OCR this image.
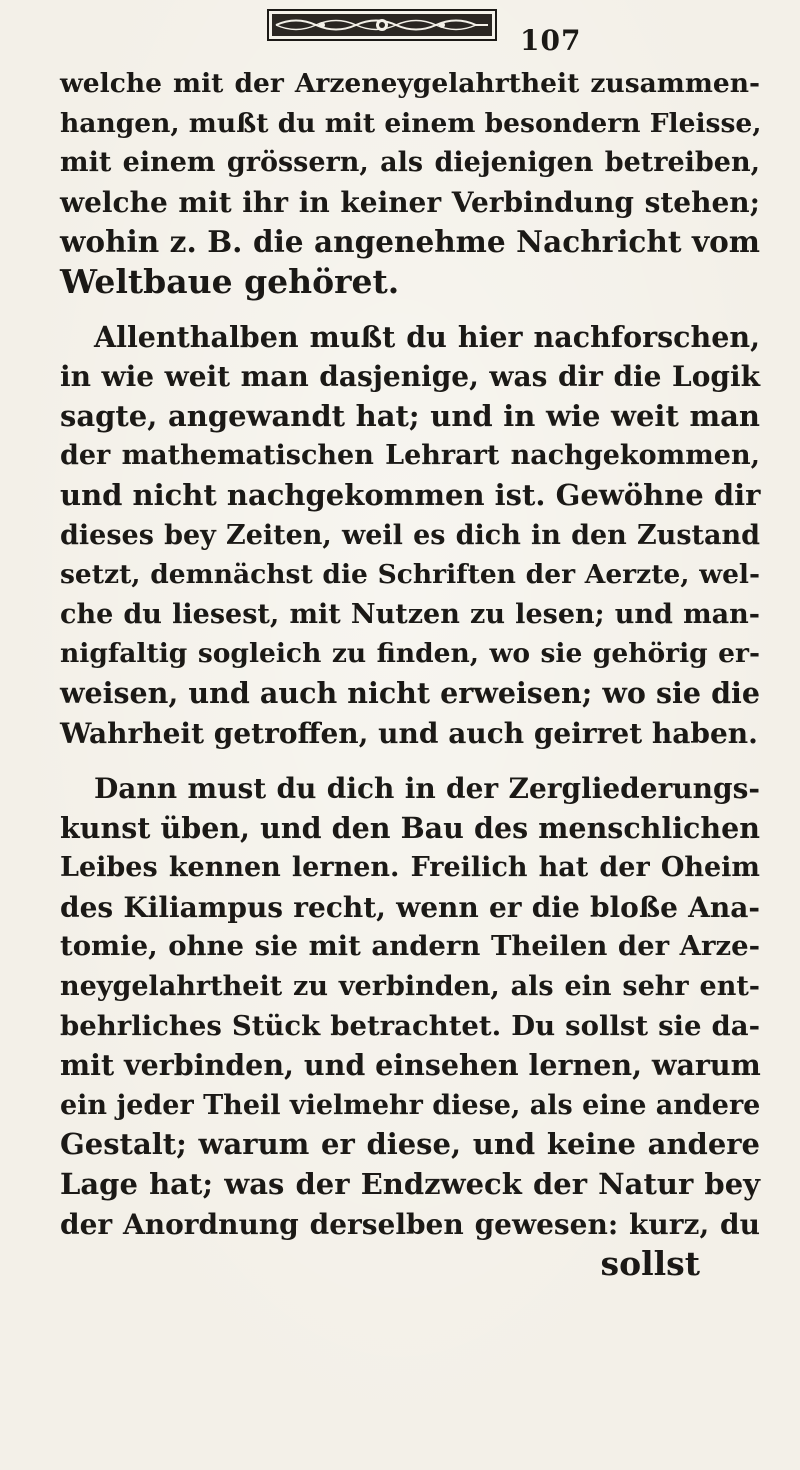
107

welche mit der Arzeneygelahrtheit zusammen-
hangen, mußt du mit einem besondern Fleisse,
mit einem grössern, als diejenigen betreiben,
welche mit ihr in keiner Verbindung stehen;
wohin z. B. die angenehme Nachricht vom
Weltbaue gehöret.

Allenthalben mußt du hier nachforschen,
in wie weit man dasjenige, was dir die Logik
sagte, angewandt hat; und in wie weit man
der mathematischen Lehrart nachgekommen,
und nicht nachgekommen ist. Gewöhne dir
dieses bey Zeiten, weil es dich in den Zustand
setzt, demnächst die Schriften der Aerzte, wel-
che du liesest, mit Nutzen zu lesen; und man-
nigfaltig sogleich zu finden, wo sie gehörig er-
weisen, und auch nicht erweisen; wo sie die
Wahrheit getroffen, und auch geirret haben.

Dann must du dich in der Zergliederungs-
kunst üben, und den Bau des menschlichen
Leibes kennen lernen. Freilich hat der Oheim
des Kiliampus recht, wenn er die bloße Ana-
tomie, ohne sie mit andern Theilen der Arze-
neygelahrtheit zu verbinden, als ein sehr ent-
behrliches Stück betrachtet. Du sollst sie da-
mit verbinden, und einsehen lernen, warum
ein jeder Theil vielmehr diese, als eine andere
Gestalt; warum er diese, und keine andere
Lage hat; was der Endzweck der Natur bey
der Anordnung derselben gewesen: kurz, du
sollst
